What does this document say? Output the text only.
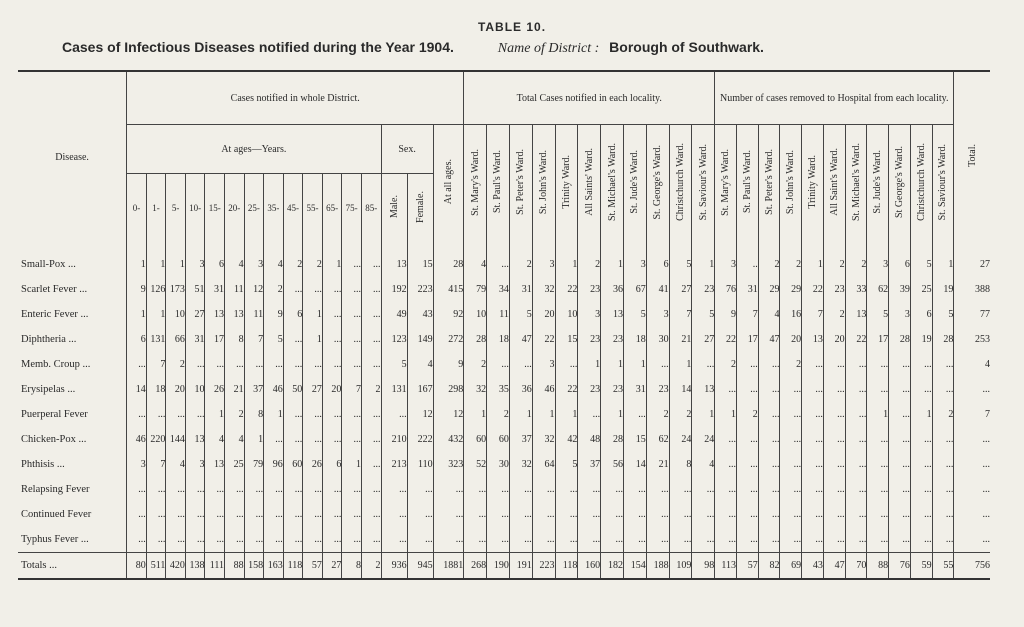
TABLE 10.
Cases of Infectious Diseases notified during the Year 1904.	Name of District : Borough of Southwark.
Disease.	Cases notified in whole District.																Total Cases notified in each locality.											Number of cases removed to Hospital from each locality.											Total.
	At ages—Years.													Sex.		At all ages.	St. Mary's Ward.	St. Paul's Ward.	St. Peter's Ward.	St. John's Ward.	Trinity Ward.	All Saints' Ward.	St. Michael's Ward.	St. Jude's Ward.	St. George's Ward.	Christchurch Ward.	St. Saviour's Ward.	St. Mary's Ward.	St. Paul's Ward.	St. Peter's Ward.	St. John's Ward.	Trinity Ward.	All Saint's Ward.	St. Michael's Ward.	St. Jude's Ward.	St George's Ward.	Christchurch Ward.	St. Saviour's Ward.	
	0-	1-	5-	10-	15-	20-	25-	35-	45-	55-	65-	75-	85-	Male.	Female.																								
Small-Pox ...	1	1	1	3	6	4	3	4	2	2	1	...	...	13	15	28	4	...	2	3	1	2	1	3	6	5	1	3	..	2	2	1	2	2	3	6	5	1	27
Scarlet Fever ...	9	126	173	51	31	11	12	2	...	...	...	...	...	192	223	415	79	34	31	32	22	23	36	67	41	27	23	76	31	29	29	22	23	33	62	39	25	19	388
Enteric Fever ...	1	1	10	27	13	13	11	9	6	1	...	...	...	49	43	92	10	11	5	20	10	3	13	5	3	7	5	9	7	4	16	7	2	13	5	3	6	5	77
Diphtheria ...	6	131	66	31	17	8	7	5	...	1	...	...	...	123	149	272	28	18	47	22	15	23	23	18	30	21	27	22	17	47	20	13	20	22	17	28	19	28	253
Memb. Croup ...	...	7	2	...	...	...	...	...	...	...	...	...	...	5	4	9	2	...	...	3	...	1	1	1	...	1	...	2	...	...	2	...	...	...	...	...	...	...	4
Erysipelas ...	14	18	20	10	26	21	37	46	50	27	20	7	2	131	167	298	32	35	36	46	22	23	23	31	23	14	13	...	...	...	...	...	...	...	...	...	...	...	...
Puerperal Fever	...	...	...	...	1	2	8	1	...	...	...	...	...	...	12	12	1	2	1	1	1	...	1	...	2	2	1	1	2	...	...	...	...	...	1	...	1	2	7
Chicken-Pox ...	46	220	144	13	4	4	1	...	...	...	...	...	...	210	222	432	60	60	37	32	42	48	28	15	62	24	24	...	...	...	...	...	...	...	...	...	...	...	...
Phthisis ...	3	7	4	3	13	25	79	96	60	26	6	1	...	213	110	323	52	30	32	64	5	37	56	14	21	8	4	...	...	...	...	...	...	...	...	...	...	...	...
Relapsing Fever	...	...	...	...	...	...	...	...	...	...	...	...	...	...	...	...	...	...	...	...	...	...	...	...	...	...	...	...	...	...	...	...	...	...	...	...	...	...	...
Continued Fever	...	...	...	...	...	...	...	...	...	...	...	...	...	...	...	...	...	...	...	...	...	...	...	...	...	...	...	...	...	...	...	...	...	...	...	...	...	...	...
Typhus Fever ...	...	...	...	...	...	...	...	...	...	...	...	...	...	...	...	...	...	...	...	...	...	...	...	...	...	...	...	...	...	...	...	...	...	...	...	...	...	...	...
Totals ...	80	511	420	138	111	88	158	163	118	57	27	8	2	936	945	1881	268	190	191	223	118	160	182	154	188	109	98	113	57	82	69	43	47	70	88	76	59	55	756
